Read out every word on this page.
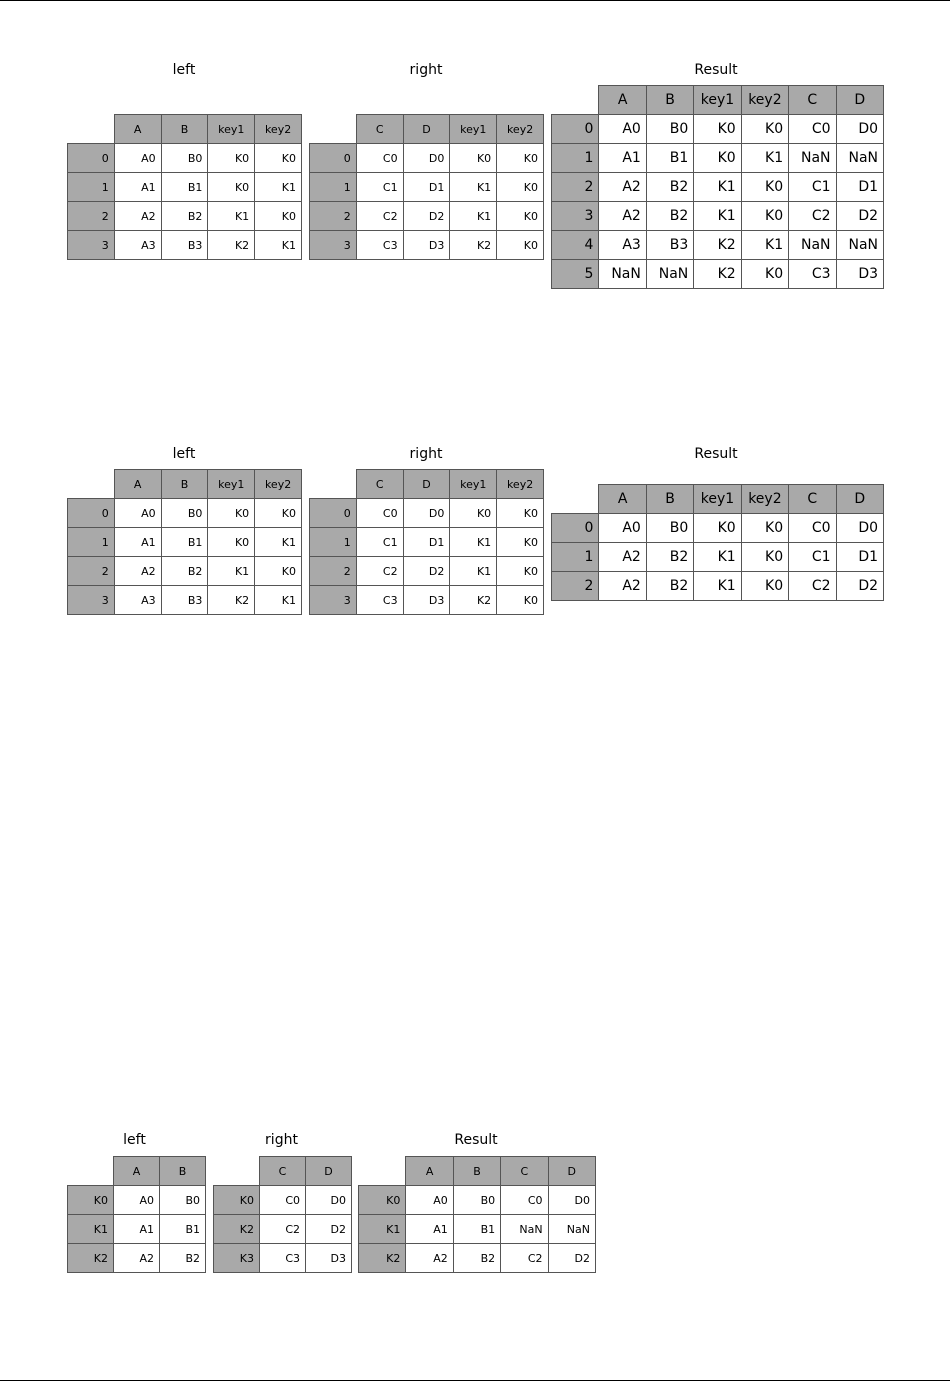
left
	A	B	key1	key2
0	A0	B0	K0	K0
1	A1	B1	K0	K1
2	A2	B2	K1	K0
3	A3	B3	K2	K1
right
	C	D	key1	key2
0	C0	D0	K0	K0
1	C1	D1	K1	K0
2	C2	D2	K1	K0
3	C3	D3	K2	K0
Result
	A	B	key1	key2	C	D
0	A0	B0	K0	K0	C0	D0
1	A1	B1	K0	K1	NaN	NaN
2	A2	B2	K1	K0	C1	D1
3	A2	B2	K1	K0	C2	D2
4	A3	B3	K2	K1	NaN	NaN
5	NaN	NaN	K2	K0	C3	D3
left
	A	B	key1	key2
0	A0	B0	K0	K0
1	A1	B1	K0	K1
2	A2	B2	K1	K0
3	A3	B3	K2	K1
right
	C	D	key1	key2
0	C0	D0	K0	K0
1	C1	D1	K1	K0
2	C2	D2	K1	K0
3	C3	D3	K2	K0
Result
	A	B	key1	key2	C	D
0	A0	B0	K0	K0	C0	D0
1	A2	B2	K1	K0	C1	D1
2	A2	B2	K1	K0	C2	D2
left
	A	B
K0	A0	B0
K1	A1	B1
K2	A2	B2
right
	C	D
K0	C0	D0
K2	C2	D2
K3	C3	D3
Result
	A	B	C	D
K0	A0	B0	C0	D0
K1	A1	B1	NaN	NaN
K2	A2	B2	C2	D2
